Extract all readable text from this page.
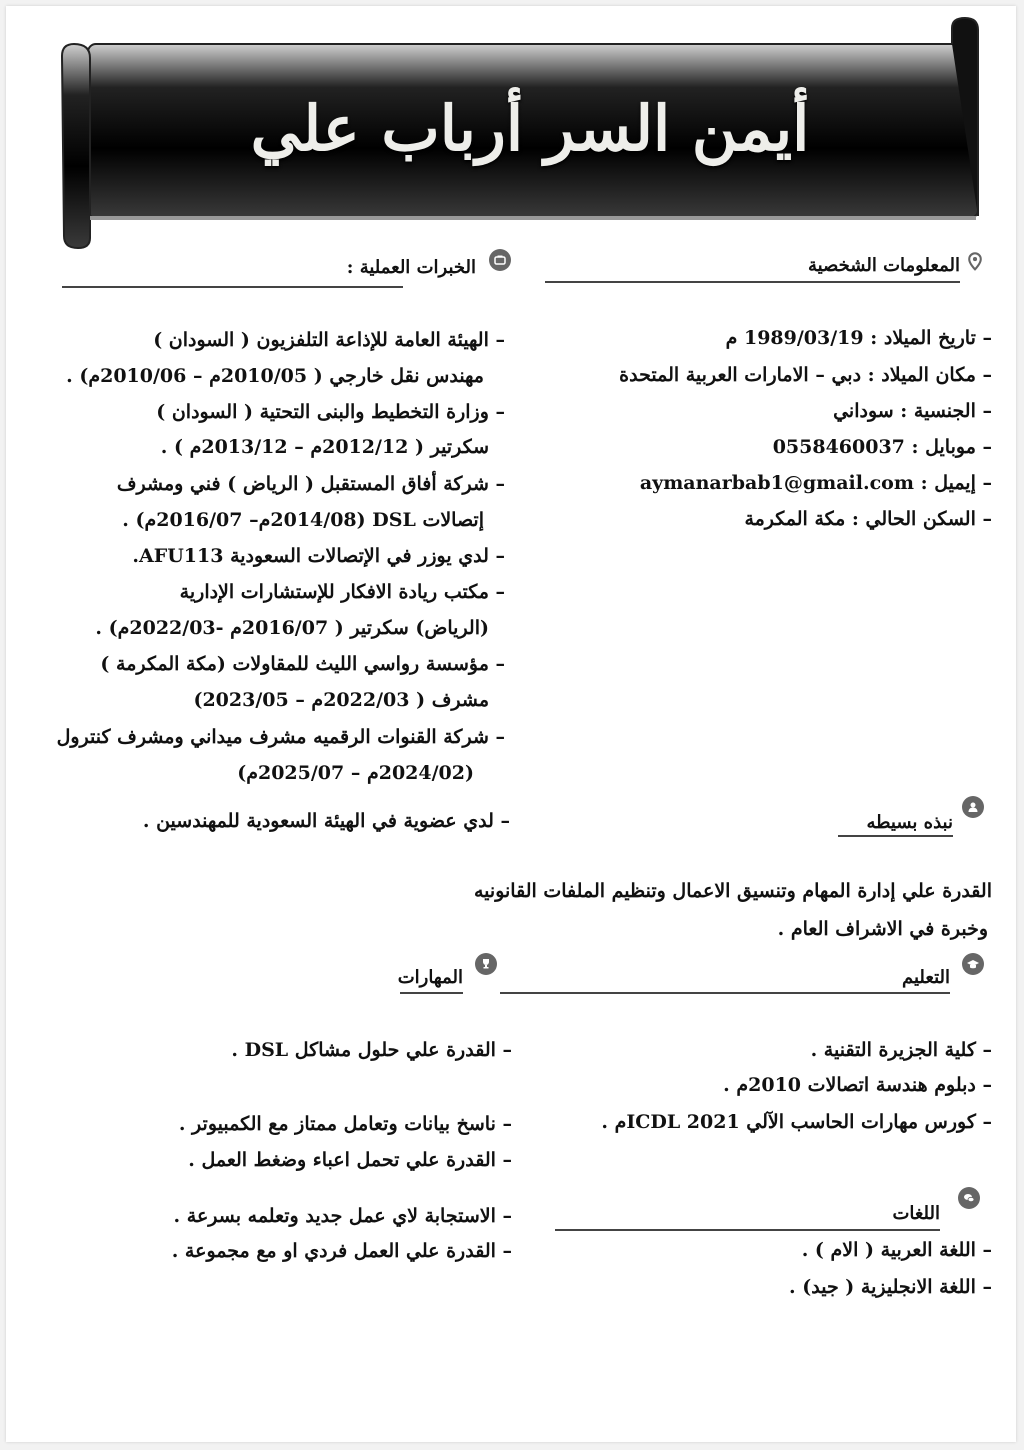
أيمن السر أرباب علي
المعلومات الشخصية
– تاريخ الميلاد : 1989/03/19 م
– مكان الميلاد : دبي – الامارات العربية المتحدة
– الجنسية : سوداني
– موبايل : 0558460037
– إيميل : aymanarbab1@gmail.com
– السكن الحالي : مكة المكرمة
الخبرات العملية :
– الهيئة العامة للإذاعة التلفزيون ( السودان )
مهندس نقل خارجي ( 2010/05م – 2010/06م) .
– وزارة التخطيط والبنى التحتية ( السودان )
سكرتير ( 2012/12م – 2013/12م ) .
– شركة أفاق المستقبل ( الرياض ) فني ومشرف
إتصالات DSL (2014/08م– 2016/07م) .
– لدي يوزر في الإتصالات السعودية AFU113.
– مكتب ريادة الافكار للإستشارات الإدارية
(الرياض) سكرتير ( 2016/07م -2022/03م) .
– مؤسسة رواسي الليث للمقاولات (مكة المكرمة )
مشرف ( 2022/03م – 2023/05)
– شركة القنوات الرقميه مشرف ميداني ومشرف كنترول
(2024/02م – 2025/07م)
– لدي عضوية في الهيئة السعودية للمهندسين .	نبذه بسيطه
القدرة علي إدارة المهام وتنسيق الاعمال وتنظيم الملفات القانونيه
وخبرة في الاشراف العام .
التعليم
– كلية الجزيرة التقنية .
– دبلوم هندسة اتصالات 2010م .
– كورس مهارات الحاسب الآلي ICDL 2021م .
المهارات
– القدرة علي حلول مشاكل DSL .
– ناسخ بيانات وتعامل ممتاز مع الكمبيوتر .
– القدرة علي تحمل اعباء وضغط العمل .
– الاستجابة لاي عمل جديد وتعلمه بسرعة .
– القدرة علي العمل فردي او مع مجموعة .
اللغات
– اللغة العربية ( الام ) .
– اللغة الانجليزية ( جيد) .
